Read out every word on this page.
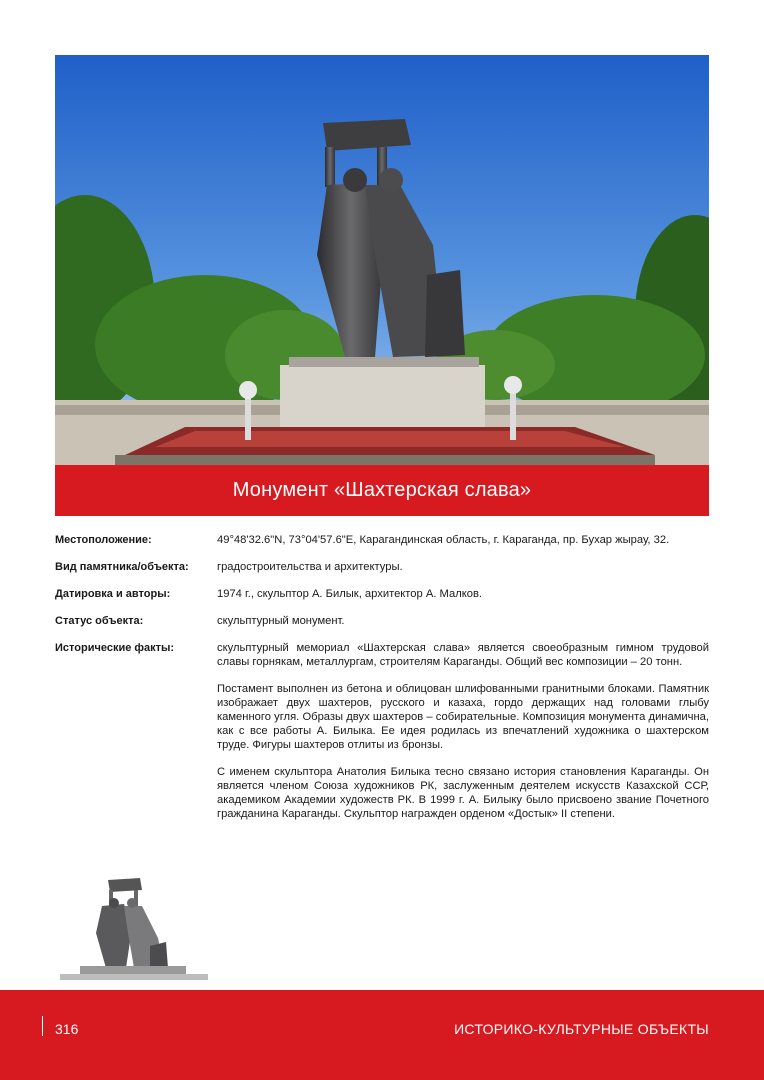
Монумент «Шахтерская слава»
Местоположение:	49°48'32.6"N, 73°04'57.6"E, Карагандинская область, г. Караганда, пр. Бухар жырау, 32.
Вид памятника/объекта:	градостроительства и архитектуры.
Датировка и авторы:	1974 г., скульптор А. Билык, архитектор А. Малков.
Статус объекта:	скульптурный монумент.
Исторические факты:	скульптурный мемориал «Шахтерская слава» является своеобразным гимном трудовой славы горнякам, металлургам, строителям Караганды. Общий вес композиции – 20 тонн.

Постамент выполнен из бетона и облицован шлифованными гранитными блоками. Памятник изображает двух шахтеров, русского и казаха, гордо держащих над головами глыбу каменного угля. Образы двух шахтеров – собирательные. Композиция монумента динамична, как с все работы А. Билыка. Ее идея родилась из впечатлений художника о шахтерском труде. Фигуры шахтеров отлиты из бронзы.

С именем скульптора Анатолия Билыка тесно связано история становления Караганды. Он является членом Союза художников РК, заслуженным деятелем искусств Казахской ССР, академиком Академии художеств РК. В 1999 г. А. Билыку было присвоено звание Почетного гражданина Караганды. Скульптор награжден орденом «Достык» II степени.

316	ИСТОРИКО-КУЛЬТУРНЫЕ ОБЪЕКТЫ
